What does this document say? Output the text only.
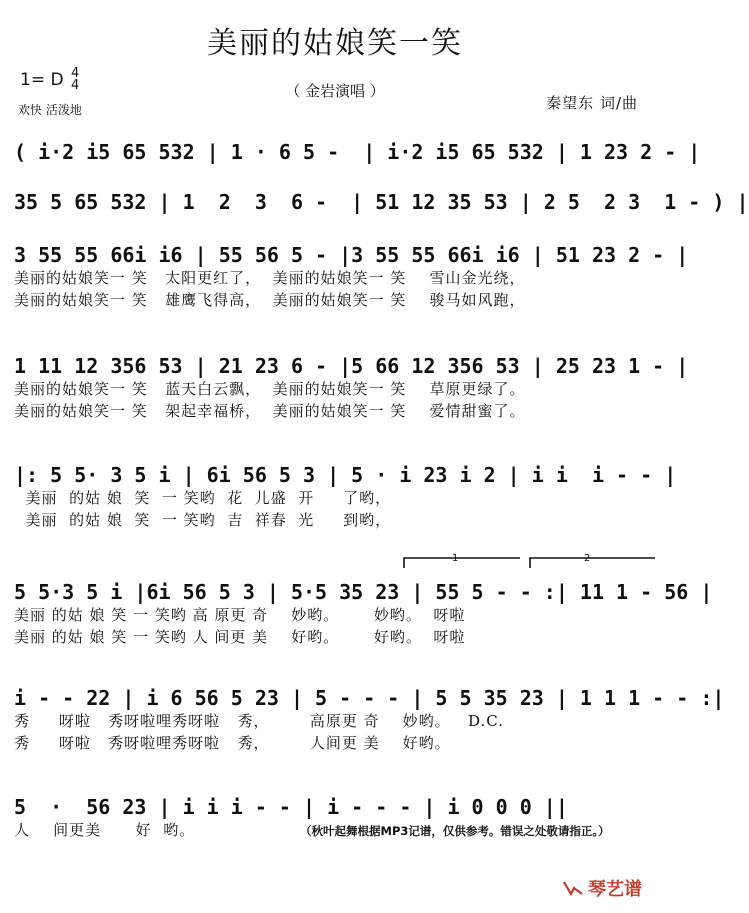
美丽的姑娘笑一笑
（ 金岩演唱 ）
1= D 4
4
欢快 活泼地	秦望东 词/曲
( i·2 i5 65 532 | 1 · 6 5 -  | i·2 i5 65 532 | 1 23 2 - |
35 5 65 532 | 1  2  3  6 -  | 51 12 35 53 | 2 5  2 3  1 - ) |
3 55 55 66i i6 | 55 56 5 - |3 55 55 66i i6 | 51 23 2 - |
美丽的姑娘笑一 笑   太阳更红了，  美丽的姑娘笑一 笑    雪山金光绕，
美丽的姑娘笑一 笑   雄鹰飞得高，  美丽的姑娘笑一 笑    骏马如风跑，
1 11 12 356 53 | 21 23 6 - |5 66 12 356 53 | 25 23 1 - |
美丽的姑娘笑一 笑   蓝天白云飘，  美丽的姑娘笑一 笑    草原更绿了。
美丽的姑娘笑一 笑   架起幸福桥，  美丽的姑娘笑一 笑    爱情甜蜜了。
|: 5 5· 3 5 i | 6i 56 5 3 | 5 · i 23 i 2 | i i  i - - |
美丽  的姑 娘  笑  一 笑哟  花  儿盛  开     了哟，
美丽  的姑 娘  笑  一 笑哟  吉  祥春  光     到哟，
1	2
5 5·3 5 i |6i 56 5 3 | 5·5 35 23 | 55 5 - - :| 11 1 - 56 |
美丽 的姑 娘 笑 一 笑哟 高 原更 奇    妙哟。      妙哟。  呀啦
美丽 的姑 娘 笑 一 笑哟 人 间更 美    好哟。      好哟。  呀啦
i - - 22 | i 6 56 5 23 | 5 - - - | 5 5 35 23 | 1 1 1 - - :|
秀     呀啦   秀呀啦哩秀呀啦   秀，       高原更 奇    妙哟。   D.C.
秀     呀啦   秀呀啦哩秀呀啦   秀，       人间更 美    好哟。
5  ·  56 23 | i i i - - | i - - - | i 0 0 0 ||
人    间更美      好  哟。	（秋叶起舞根据MP3记谱，仅供参考。错误之处敬请指正。）
琴艺谱
